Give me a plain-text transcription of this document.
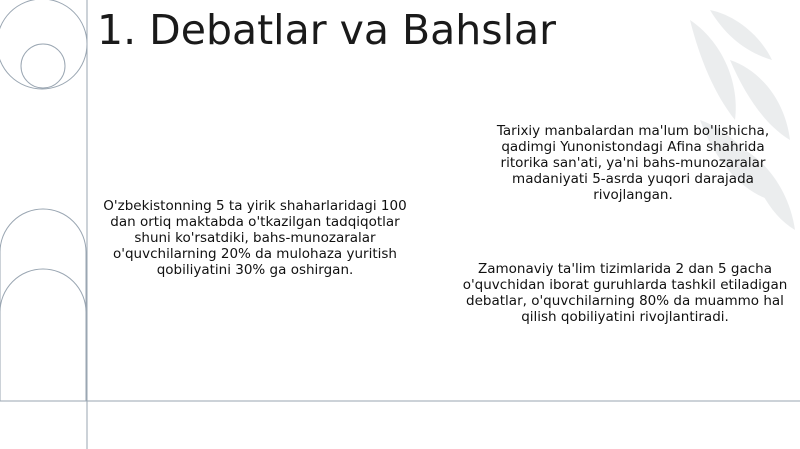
1. Debatlar va Bahslar

O'zbekistonning 5 ta yirik shaharlaridagi 100 dan ortiq maktabda o'tkazilgan tadqiqotlar shuni ko'rsatdiki, bahs-munozaralar o'quvchilarning 20% da mulohaza yuritish qobiliyatini 30% ga oshirgan.

Tarixiy manbalardan ma'lum bo'lishicha, qadimgi Yunonistondagi Afina shahrida ritorika san'ati, ya'ni bahs-munozaralar madaniyati 5-asrda yuqori darajada rivojlangan.

Zamonaviy ta'lim tizimlarida 2 dan 5 gacha o'quvchidan iborat guruhlarda tashkil etiladigan debatlar, o'quvchilarning 80% da muammo hal qilish qobiliyatini rivojlantiradi.
